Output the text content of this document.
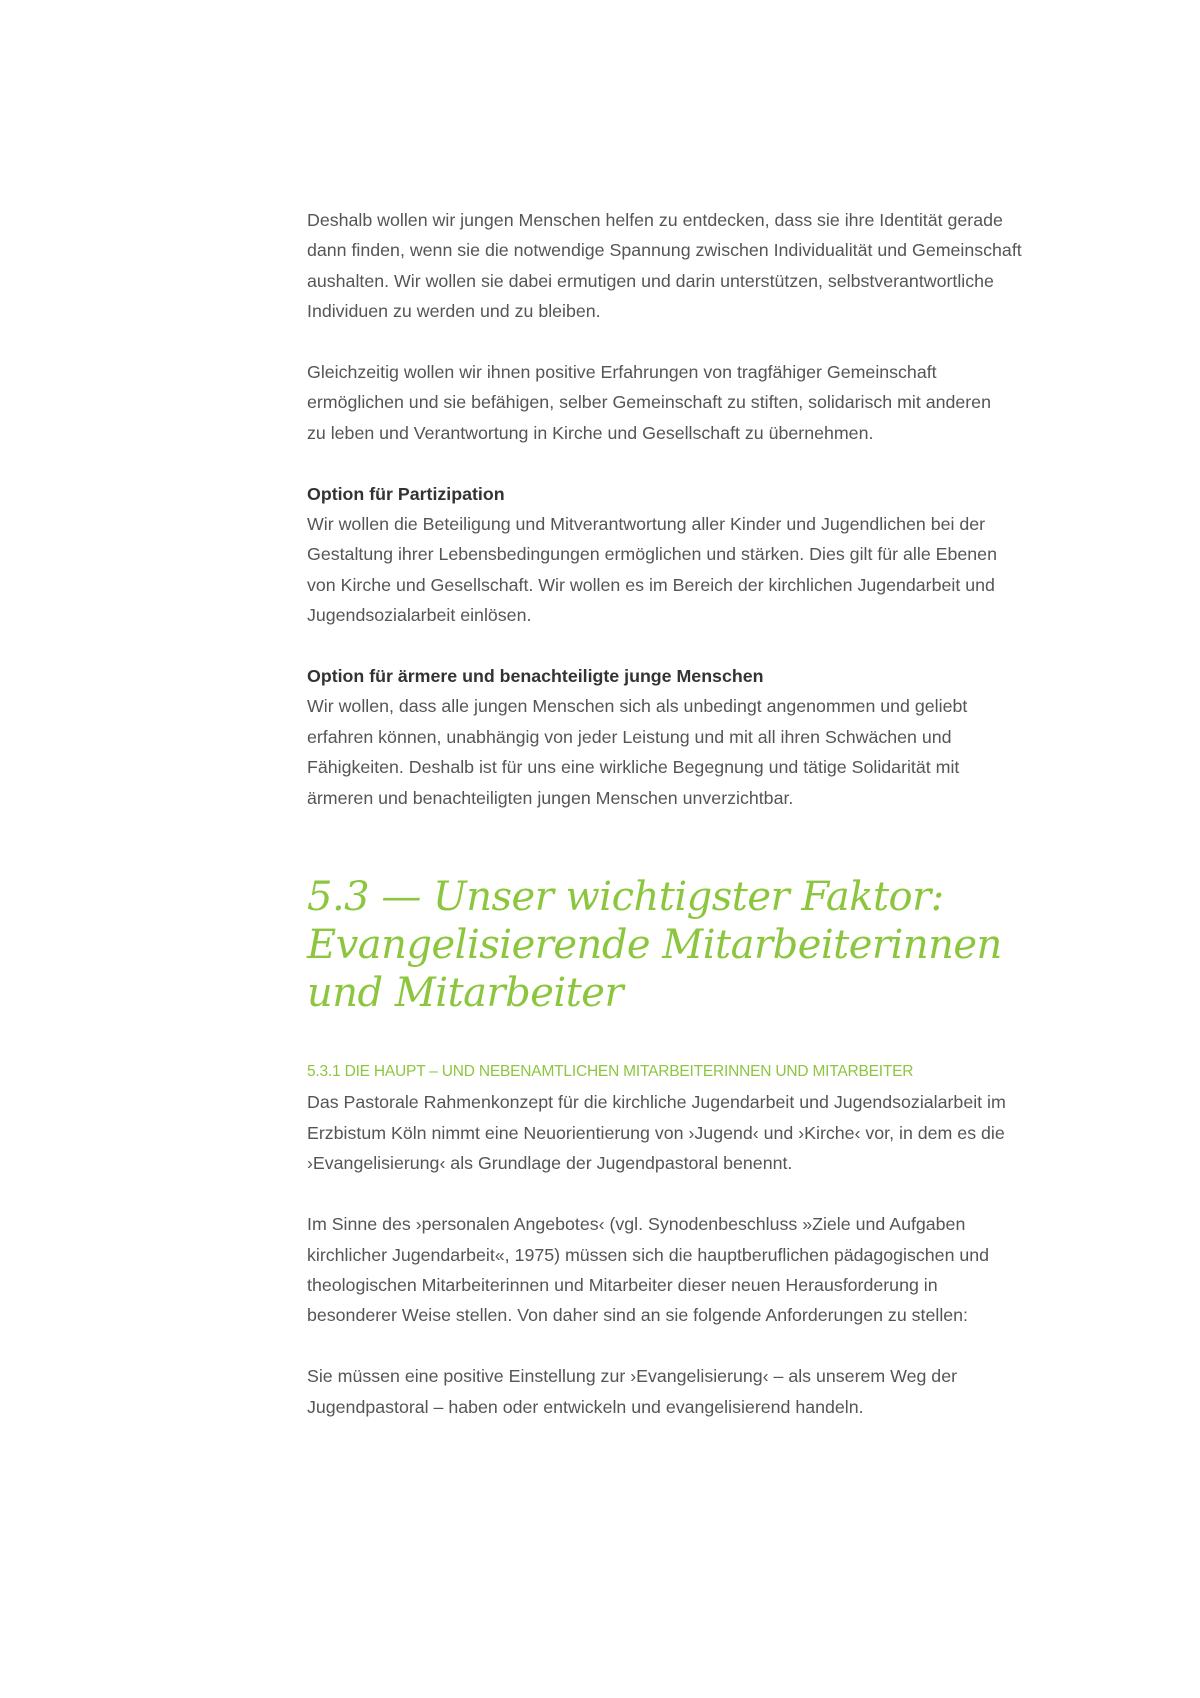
Deshalb wollen wir jungen Menschen helfen zu entdecken, dass sie ihre Identität gerade
dann finden, wenn sie die notwendige Spannung zwischen Individualität und Gemeinschaft
aushalten. Wir wollen sie dabei ermutigen und darin unterstützen, selbstverantwortliche
Individuen zu werden und zu bleiben.

Gleichzeitig wollen wir ihnen positive Erfahrungen von tragfähiger Gemeinschaft
ermöglichen und sie befähigen, selber Gemeinschaft zu stiften, solidarisch mit anderen
zu leben und Verantwortung in Kirche und Gesellschaft zu übernehmen.

Option für Partizipation

Wir wollen die Beteiligung und Mitverantwortung aller Kinder und Jugendlichen bei der
Gestaltung ihrer Lebensbedingungen ermöglichen und stärken. Dies gilt für alle Ebenen
von Kirche und Gesellschaft. Wir wollen es im Bereich der kirchlichen Jugendarbeit und
Jugendsozialarbeit einlösen.

Option für ärmere und benachteiligte junge Menschen

Wir wollen, dass alle jungen Menschen sich als unbedingt angenommen und geliebt
erfahren können, unabhängig von jeder Leistung und mit all ihren Schwächen und
Fähigkeiten. Deshalb ist für uns eine wirkliche Begegnung und tätige Solidarität mit
ärmeren und benachteiligten jungen Menschen unverzichtbar.

5.3 — Unser wichtigster Faktor:
Evangelisierende Mitarbeiterinnen
und Mitarbeiter

5.3.1 DIE HAUPT – UND NEBENAMTLICHEN MITARBEITERINNEN UND MITARBEITER

Das Pastorale Rahmenkonzept für die kirchliche Jugendarbeit und Jugendsozialarbeit im
Erzbistum Köln nimmt eine Neuorientierung von ›Jugend‹ und ›Kirche‹ vor, in dem es die
›Evangelisierung‹ als Grundlage der Jugendpastoral benennt.

Im Sinne des ›personalen Angebotes‹ (vgl. Synodenbeschluss »Ziele und Aufgaben
kirchlicher Jugendarbeit«, 1975) müssen sich die hauptberuflichen pädagogischen und
theologischen Mitarbeiterinnen und Mitarbeiter dieser neuen Herausforderung in
besonderer Weise stellen. Von daher sind an sie folgende Anforderungen zu stellen:

Sie müssen eine positive Einstellung zur ›Evangelisierung‹ – als unserem Weg der
Jugendpastoral – haben oder entwickeln und evangelisierend handeln.
